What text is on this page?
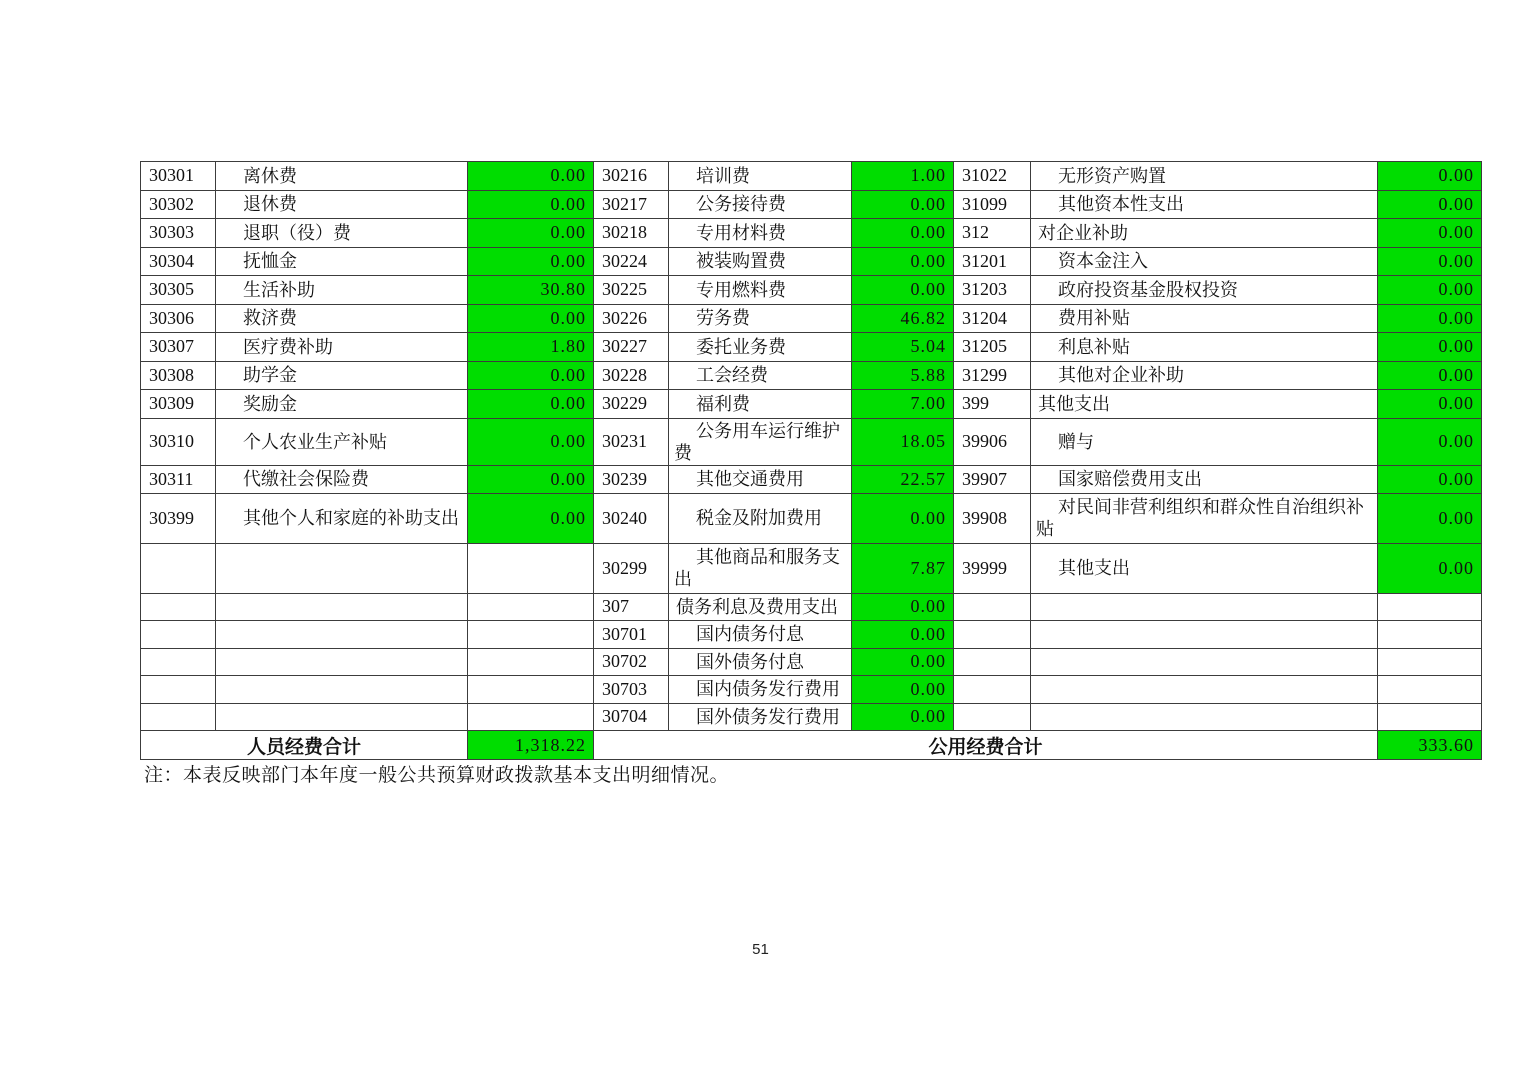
30301	离休费	0.00	30216	培训费	1.00	31022	无形资产购置	0.00
30302	退休费	0.00	30217	公务接待费	0.00	31099	其他资本性支出	0.00
30303	退职（役）费	0.00	30218	专用材料费	0.00	312	对企业补助	0.00
30304	抚恤金	0.00	30224	被装购置费	0.00	31201	资本金注入	0.00
30305	生活补助	30.80	30225	专用燃料费	0.00	31203	政府投资基金股权投资	0.00
30306	救济费	0.00	30226	劳务费	46.82	31204	费用补贴	0.00
30307	医疗费补助	1.80	30227	委托业务费	5.04	31205	利息补贴	0.00
30308	助学金	0.00	30228	工会经费	5.88	31299	其他对企业补助	0.00
30309	奖励金	0.00	30229	福利费	7.00	399	其他支出	0.00
30310	个人农业生产补贴	0.00	30231	公务用车运行维护费	18.05	39906	赠与	0.00
30311	代缴社会保险费	0.00	30239	其他交通费用	22.57	39907	国家赔偿费用支出	0.00
30399	其他个人和家庭的补助支出	0.00	30240	税金及附加费用	0.00	39908	对民间非营利组织和群众性自治组织补贴	0.00
			30299	其他商品和服务支出	7.87	39999	其他支出	0.00
			307	债务利息及费用支出	0.00			
			30701	国内债务付息	0.00			
			30702	国外债务付息	0.00			
			30703	国内债务发行费用	0.00			
			30704	国外债务发行费用	0.00			
人员经费合计		1,318.22	公用经费合计					333.60
注：本表反映部门本年度一般公共预算财政拨款基本支出明细情况。
51
